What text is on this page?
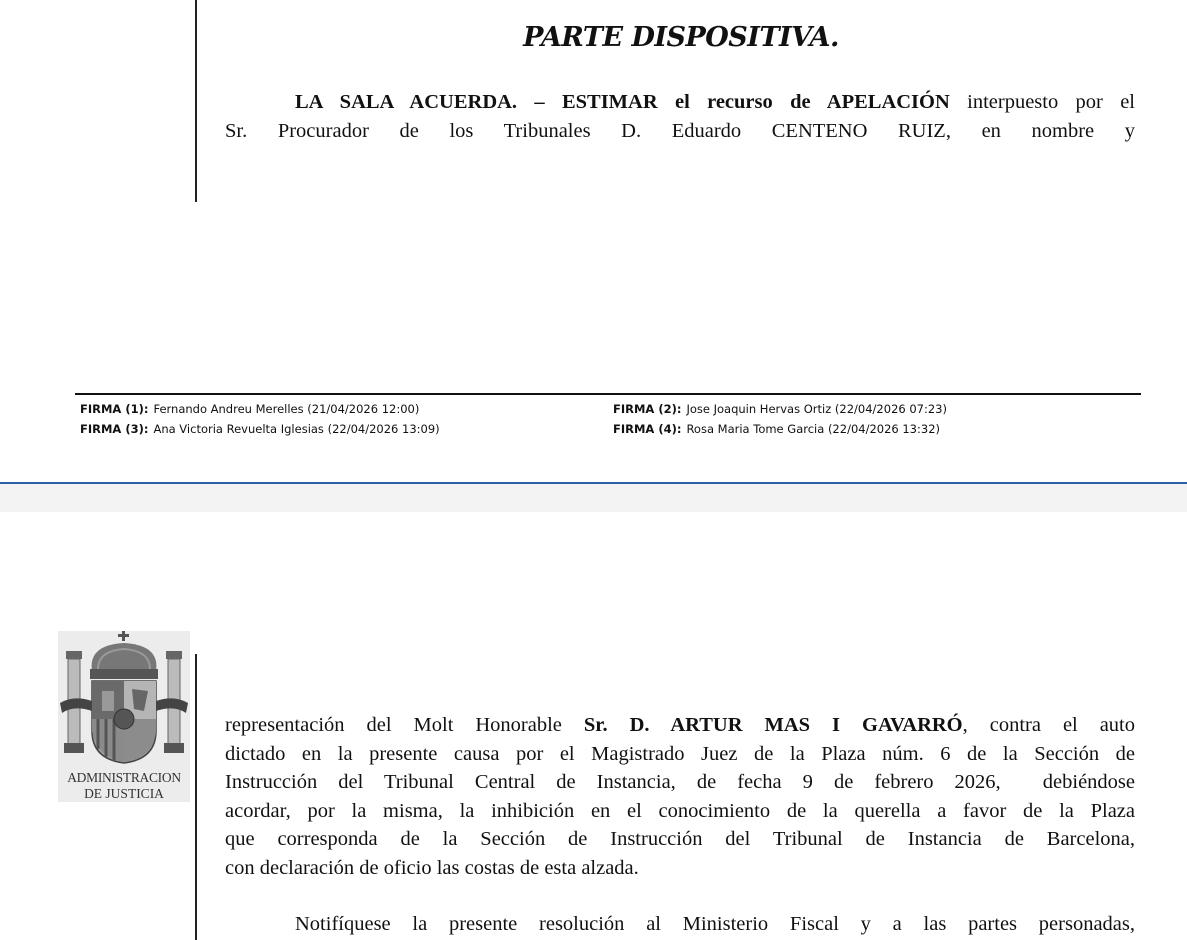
PARTE DISPOSITIVA.
LA SALA ACUERDA. – ESTIMAR el recurso de APELACIÓN interpuesto por el
Sr. Procurador de los Tribunales D. Eduardo CENTENO RUIZ, en nombre y
FIRMA (1): Fernando Andreu Merelles (21/04/2026 12:00)
FIRMA (3): Ana Victoria Revuelta Iglesias (22/04/2026 13:09)
FIRMA (2): Jose Joaquin Hervas Ortiz (22/04/2026 07:23)
FIRMA (4): Rosa Maria Tome Garcia (22/04/2026 13:32)
ADMINISTRACION
DE JUSTICIA
representación del Molt Honorable Sr. D. ARTUR MAS I GAVARRÓ, contra el auto
dictado en la presente causa por el Magistrado Juez de la Plaza núm. 6 de la Sección de
Instrucción del Tribunal Central de Instancia, de fecha 9 de febrero 2026,  debiéndose
acordar, por la misma, la inhibición en el conocimiento de la querella a favor de la Plaza
que corresponda de la Sección de Instrucción del Tribunal de Instancia de Barcelona,
con declaración de oficio las costas de esta alzada.
Notifíquese la presente resolución al Ministerio Fiscal y a las partes personadas,
